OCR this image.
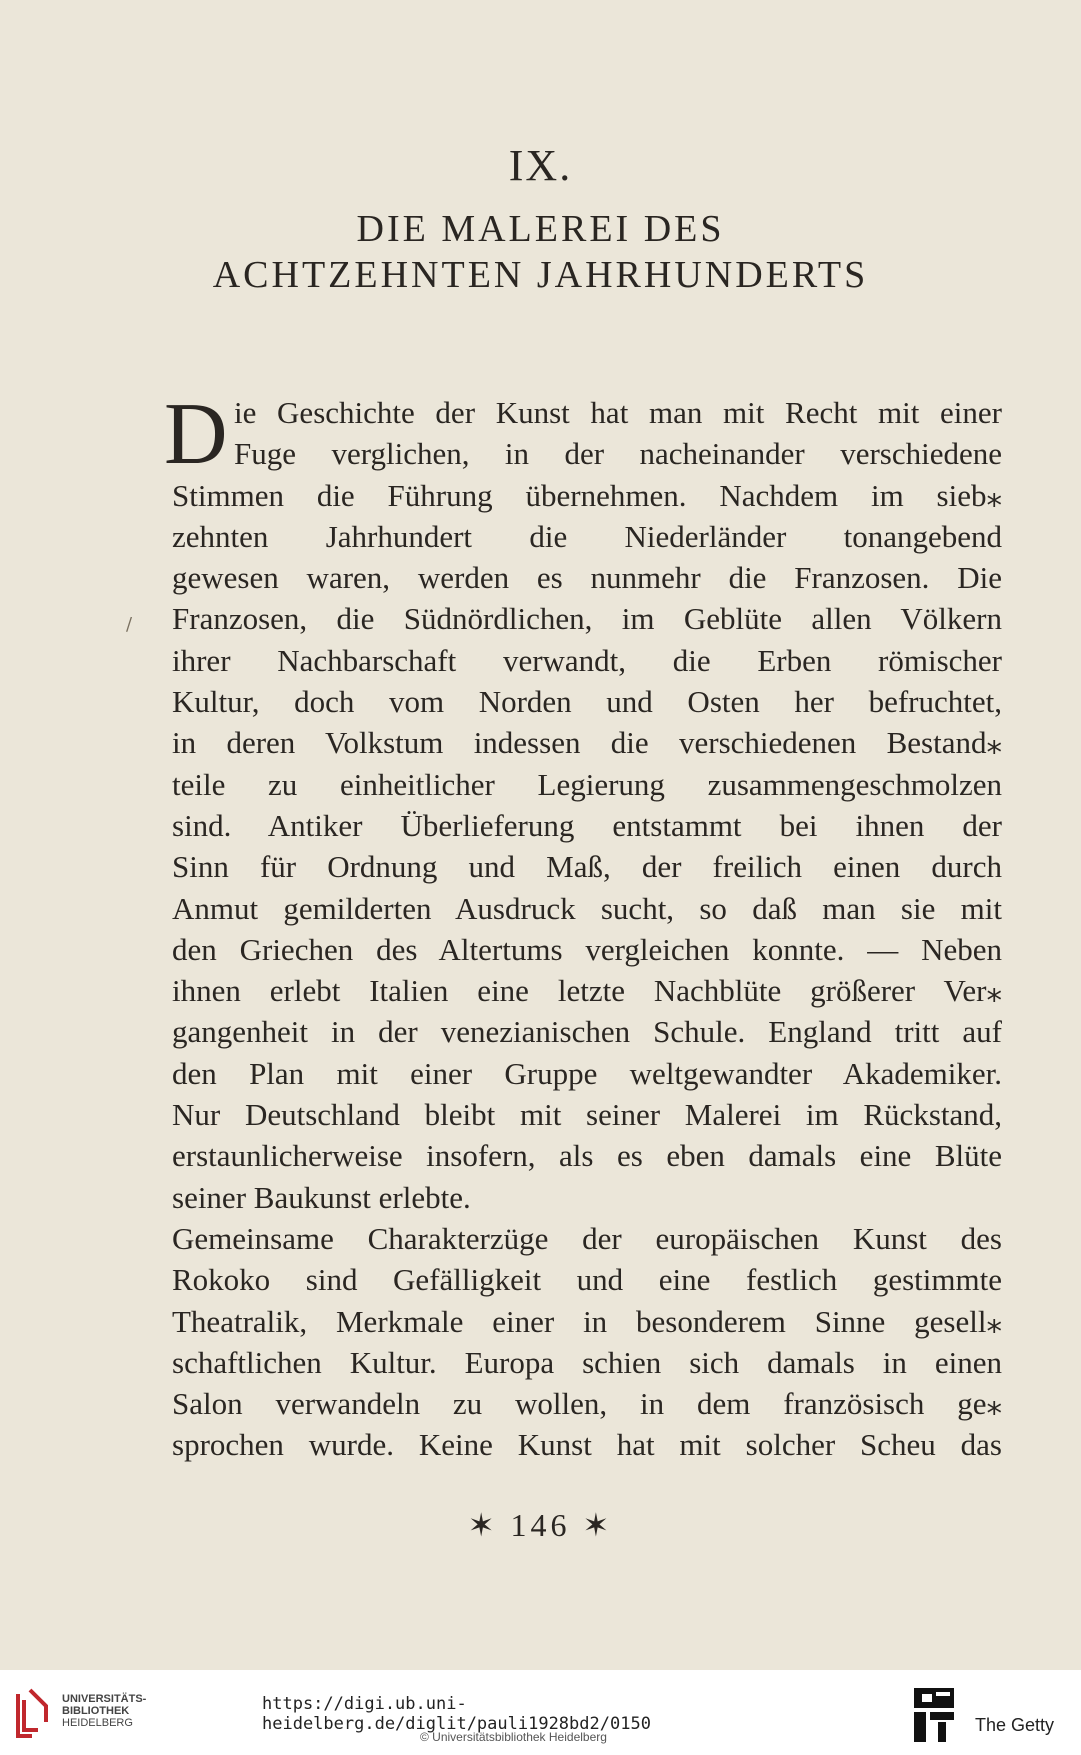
IX.
DIE MALEREI DES
ACHTZEHNTEN JAHRHUNDERTS
/
D ie Geschichte der Kunst hat man mit Recht mit einer
Fuge verglichen, in der nacheinander verschiedene
Stimmen die Führung übernehmen. Nachdem im sieb⁎
zehnten Jahrhundert die Niederländer tonangebend
gewesen waren, werden es nunmehr die Franzosen. Die
Franzosen, die Südnördlichen, im Geblüte allen Völkern
ihrer Nachbarschaft verwandt, die Erben römischer
Kultur, doch vom Norden und Osten her befruchtet,
in deren Volkstum indessen die verschiedenen Bestand⁎
teile zu einheitlicher Legierung zusammengeschmolzen
sind. Antiker Überlieferung entstammt bei ihnen der
Sinn für Ordnung und Maß, der freilich einen durch
Anmut gemilderten Ausdruck sucht, so daß man sie mit
den Griechen des Altertums vergleichen konnte. — Neben
ihnen erlebt Italien eine letzte Nachblüte größerer Ver⁎
gangenheit in der venezianischen Schule. England tritt auf
den Plan mit einer Gruppe weltgewandter Akademiker.
Nur Deutschland bleibt mit seiner Malerei im Rückstand,
erstaunlicherweise insofern, als es eben damals eine Blüte
seiner Baukunst erlebte.
Gemeinsame Charakterzüge der europäischen Kunst des
Rokoko sind Gefälligkeit und eine festlich gestimmte
Theatralik, Merkmale einer in besonderem Sinne gesell⁎
schaftlichen Kultur. Europa schien sich damals in einen
Salon verwandeln zu wollen, in dem französisch ge⁎
sprochen wurde. Keine Kunst hat mit solcher Scheu das
✶ 146 ✶
UNIVERSITÄTS-
BIBLIOTHEK
HEIDELBERG
https://digi.ub.uni-heidelberg.de/diglit/pauli1928bd2/0150
© Universitätsbibliothek Heidelberg
The Getty
